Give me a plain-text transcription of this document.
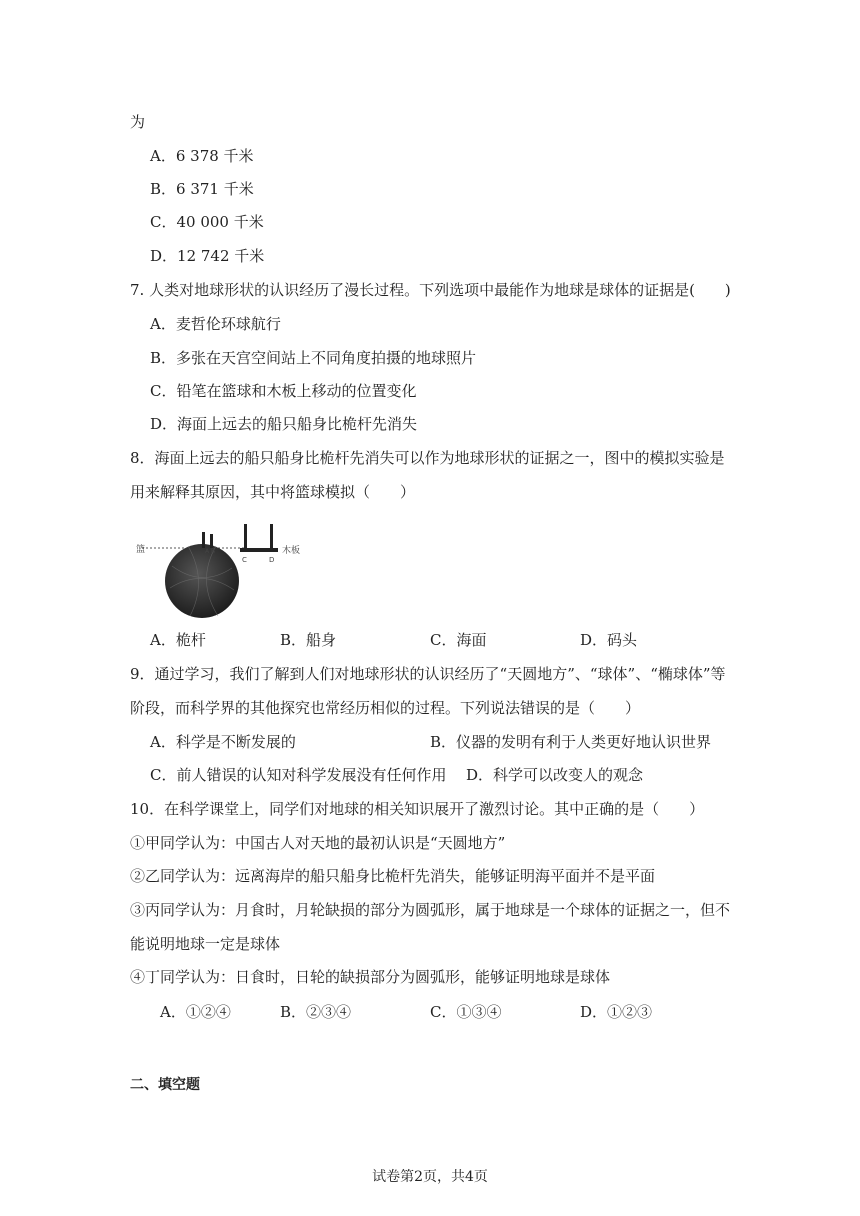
为
A．6 378 千米
B．6 371 千米
C．40 000 千米
D．12 742 千米
7. 人类对地球形状的认识经历了漫长过程。下列选项中最能作为地球是球体的证据是(　　)
A．麦哲伦环球航行
B．多张在天宫空间站上不同角度拍摄的地球照片
C．铅笔在篮球和木板上移动的位置变化
D．海面上远去的船只船身比桅杆先消失
8．海面上远去的船只船身比桅杆先消失可以作为地球形状的证据之一，图中的模拟实验是
用来解释其原因，其中将篮球模拟（　　）
篮	A B
C	D
木板
A．桅杆	B．船身	C．海面	D．码头
9．通过学习，我们了解到人们对地球形状的认识经历了“天圆地方”、“球体”、“椭球体”等
阶段，而科学界的其他探究也常经历相似的过程。下列说法错误的是（　　）
A．科学是不断发展的	B．仪器的发明有利于人类更好地认识世界
C．前人错误的认知对科学发展没有任何作用 D．科学可以改变人的观念
10．在科学课堂上，同学们对地球的相关知识展开了激烈讨论。其中正确的是（　　）
①甲同学认为：中国古人对天地的最初认识是“天圆地方”
②乙同学认为：远离海岸的船只船身比桅杆先消失，能够证明海平面并不是平面
③丙同学认为：月食时，月轮缺损的部分为圆弧形，属于地球是一个球体的证据之一，但不
能说明地球一定是球体
④丁同学认为：日食时，日轮的缺损部分为圆弧形，能够证明地球是球体
A．①②④	B．②③④	C．①③④	D．①②③
二、填空题
试卷第2页，共4页
